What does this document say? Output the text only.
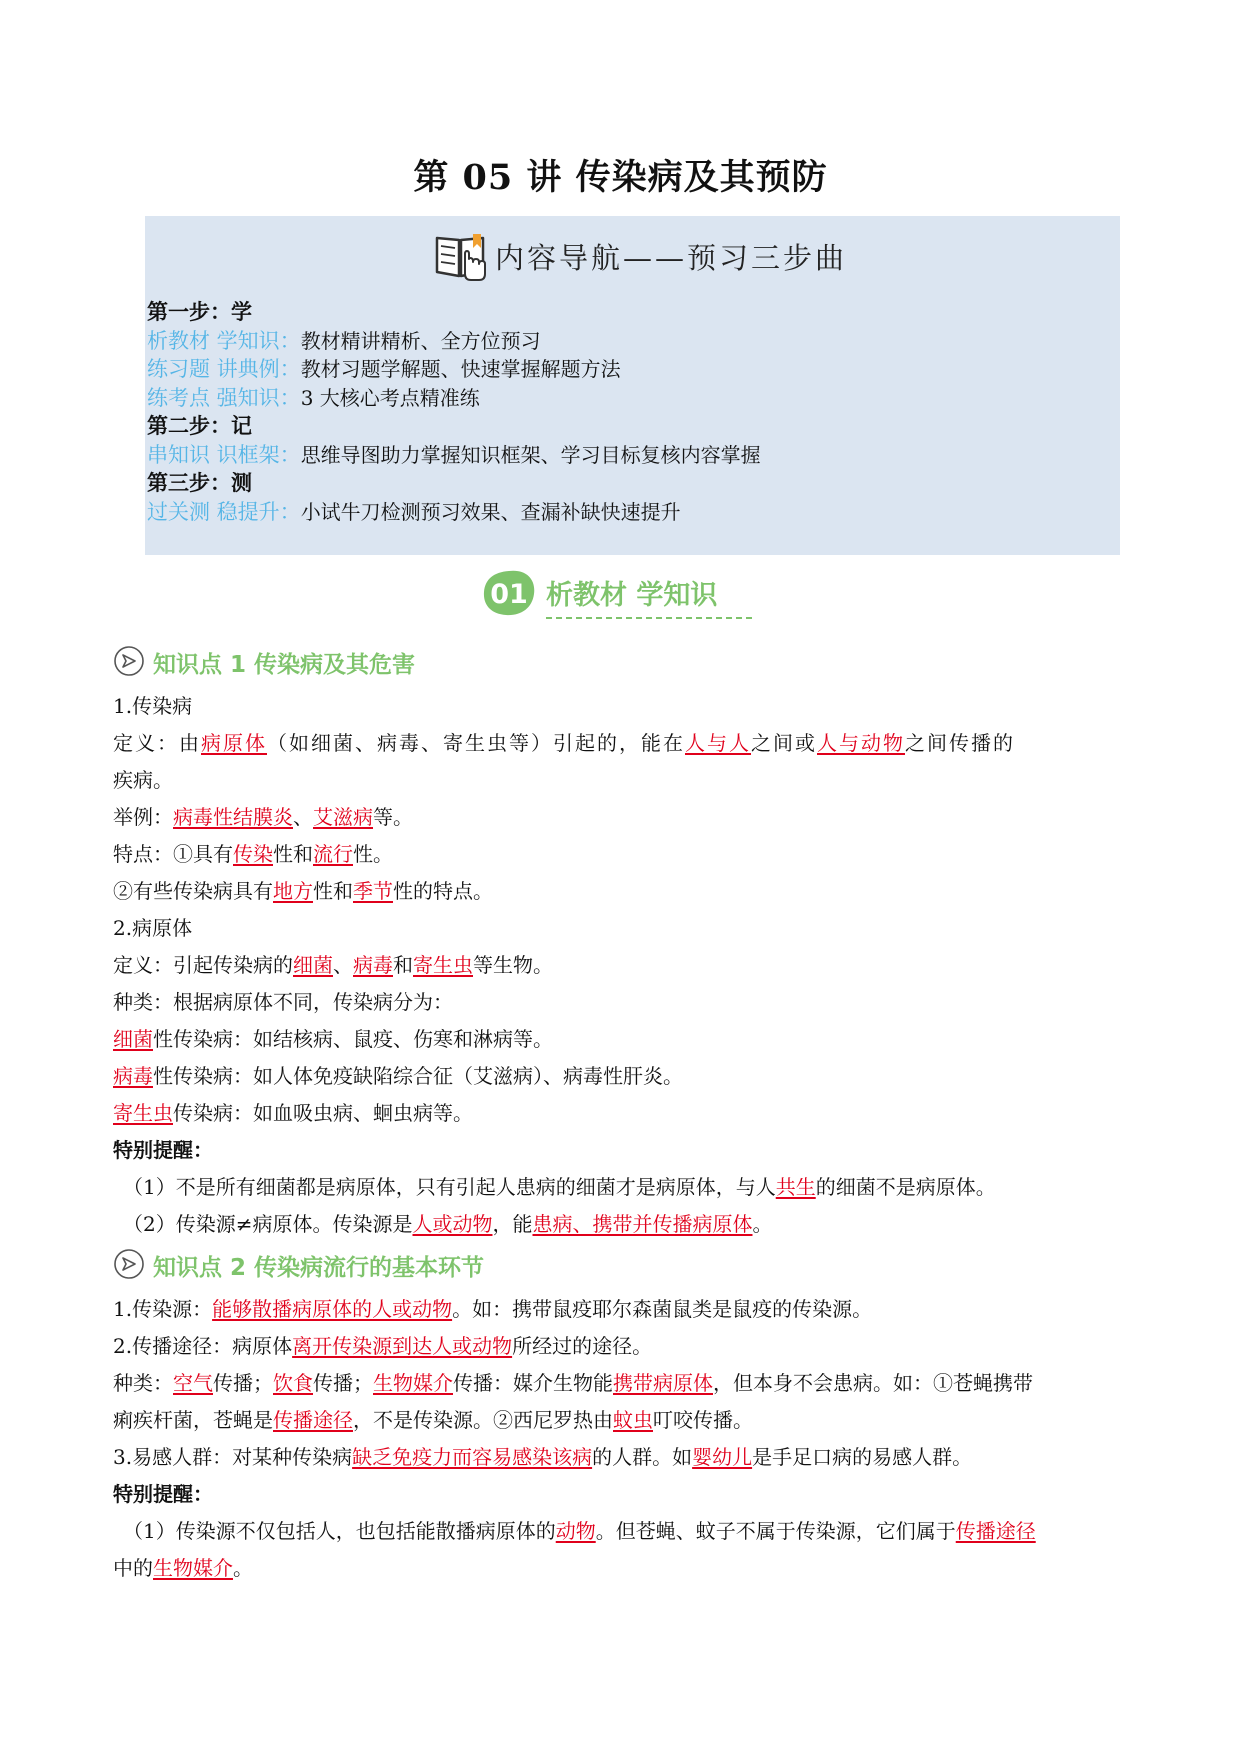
第 05 讲 传染病及其预防
内容导航——预习三步曲
第一步：学
析教材 学知识：教材精讲精析、全方位预习
练习题 讲典例：教材习题学解题、快速掌握解题方法
练考点 强知识：3 大核心考点精准练
第二步：记
串知识 识框架：思维导图助力掌握知识框架、学习目标复核内容掌握
第三步：测
过关测 稳提升：小试牛刀检测预习效果、查漏补缺快速提升
01 析教材 学知识
知识点 1 传染病及其危害
1.传染病
定义：由病原体（如细菌、病毒、寄生虫等）引起的，能在人与人之间或人与动物之间传播的
疾病。
举例：病毒性结膜炎、艾滋病等。
特点：①具有传染性和流行性。
②有些传染病具有地方性和季节性的特点。
2.病原体
定义：引起传染病的细菌、病毒和寄生虫等生物。
种类：根据病原体不同，传染病分为：
细菌性传染病：如结核病、鼠疫、伤寒和淋病等。
病毒性传染病：如人体免疫缺陷综合征（艾滋病）、病毒性肝炎。
寄生虫传染病：如血吸虫病、蛔虫病等。
特别提醒：
（1）不是所有细菌都是病原体，只有引起人患病的细菌才是病原体，与人共生的细菌不是病原体。
（2）传染源≠病原体。传染源是人或动物，能患病、携带并传播病原体。
知识点 2 传染病流行的基本环节
1.传染源：能够散播病原体的人或动物。如：携带鼠疫耶尔森菌鼠类是鼠疫的传染源。
2.传播途径：病原体离开传染源到达人或动物所经过的途径。
种类：空气传播；饮食传播；生物媒介传播：媒介生物能携带病原体，但本身不会患病。如：①苍蝇携带
痢疾杆菌，苍蝇是传播途径，不是传染源。②西尼罗热由蚊虫叮咬传播。
3.易感人群：对某种传染病缺乏免疫力而容易感染该病的人群。如婴幼儿是手足口病的易感人群。
特别提醒：
（1）传染源不仅包括人，也包括能散播病原体的动物。但苍蝇、蚊子不属于传染源，它们属于传播途径
中的生物媒介。
